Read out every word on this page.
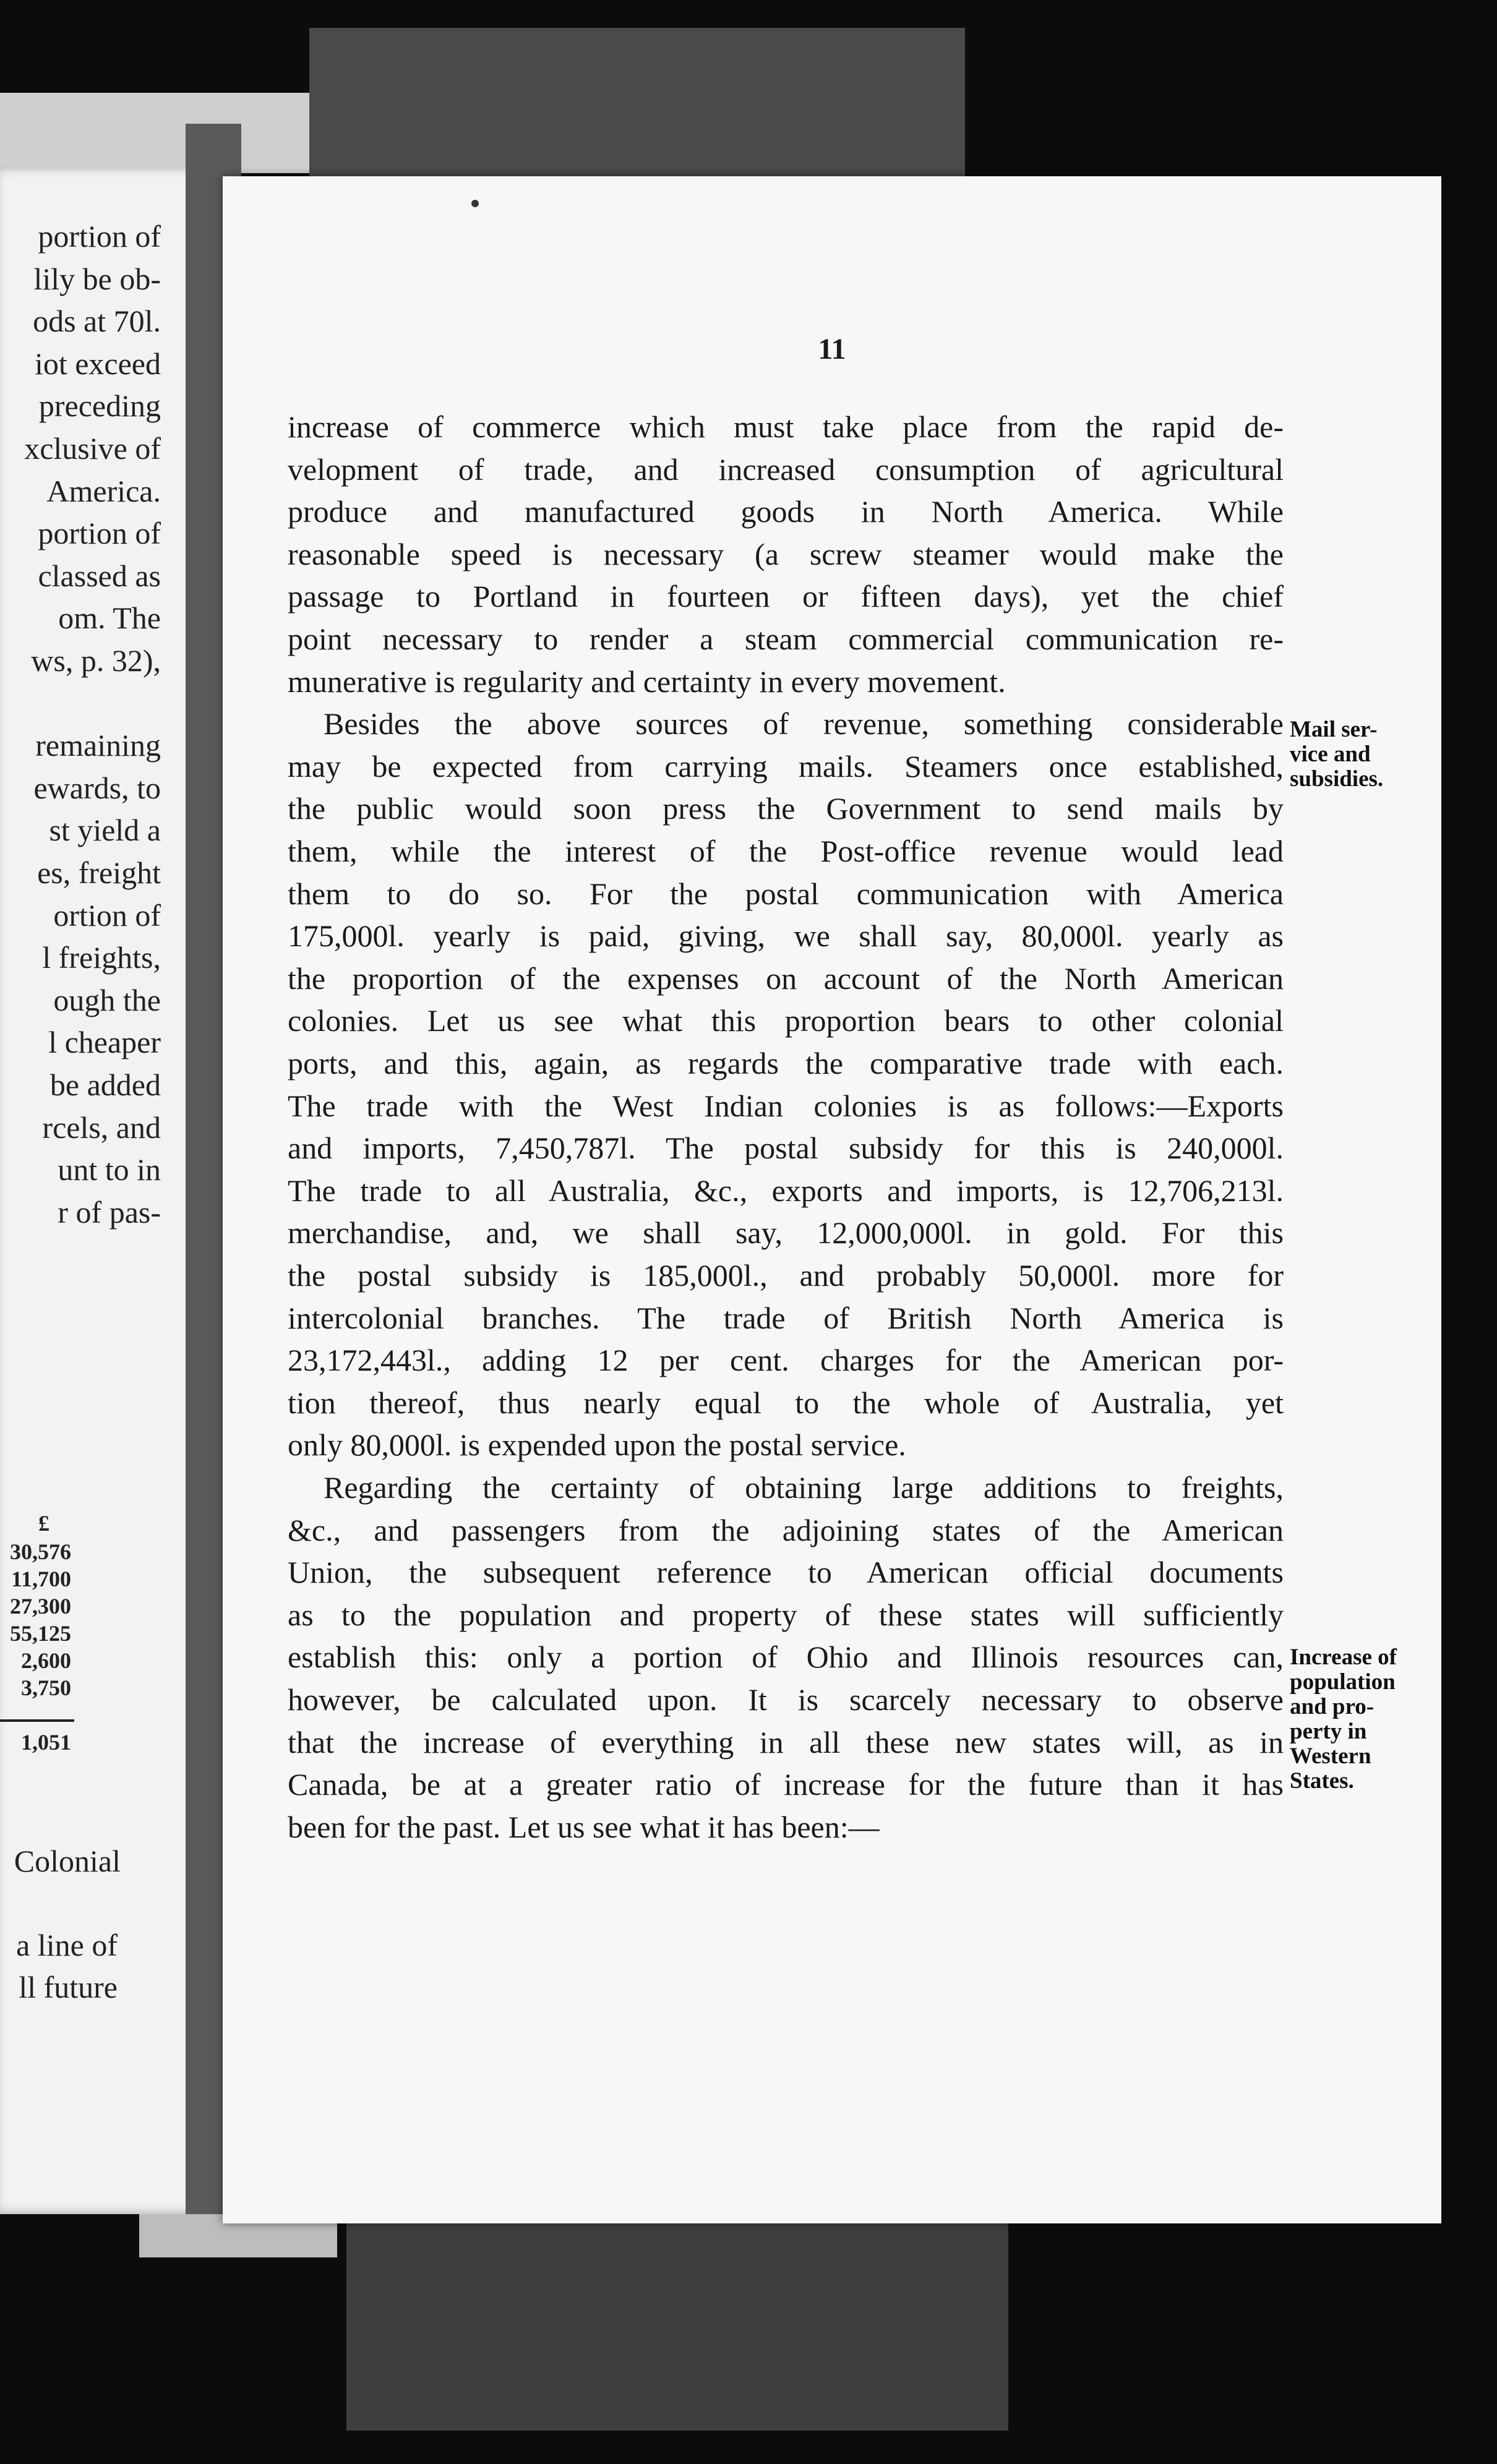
portion of
lily be ob-
ods at 70l.
iot exceed
preceding
xclusive of
America.
portion of
classed as
om. The
ws, p. 32),
remaining
ewards, to
st yield a
es, freight
ortion of
l freights,
ough the
l cheaper
be added
rcels, and
unt to in
r of pas-
£
30,576
11,700
27,300
55,125
2,600
3,750
1,051
Colonial
a line of
ll future
11
increase of commerce which must take place from the rapid de-
velopment of trade, and increased consumption of agricultural
produce and manufactured goods in North America. While
reasonable speed is necessary (a screw steamer would make the
passage to Portland in fourteen or fifteen days), yet the chief
point necessary to render a steam commercial communication re-
munerative is regularity and certainty in every movement.
Besides the above sources of revenue, something considerable
may be expected from carrying mails. Steamers once established,
the public would soon press the Government to send mails by
them, while the interest of the Post-office revenue would lead
them to do so. For the postal communication with America
175,000l. yearly is paid, giving, we shall say, 80,000l. yearly as
the proportion of the expenses on account of the North American
colonies. Let us see what this proportion bears to other colonial
ports, and this, again, as regards the comparative trade with each.
The trade with the West Indian colonies is as follows:—Exports
and imports, 7,450,787l. The postal subsidy for this is 240,000l.
The trade to all Australia, &c., exports and imports, is 12,706,213l.
merchandise, and, we shall say, 12,000,000l. in gold. For this
the postal subsidy is 185,000l., and probably 50,000l. more for
intercolonial branches. The trade of British North America is
23,172,443l., adding 12 per cent. charges for the American por-
tion thereof, thus nearly equal to the whole of Australia, yet
only 80,000l. is expended upon the postal service.
Regarding the certainty of obtaining large additions to freights,
&c., and passengers from the adjoining states of the American
Union, the subsequent reference to American official documents
as to the population and property of these states will sufficiently
establish this: only a portion of Ohio and Illinois resources can,
however, be calculated upon. It is scarcely necessary to observe
that the increase of everything in all these new states will, as in
Canada, be at a greater ratio of increase for the future than it has
been for the past. Let us see what it has been:—
Mail ser-
vice and
subsidies.
Increase of
population
and pro-
perty in
Western
States.
